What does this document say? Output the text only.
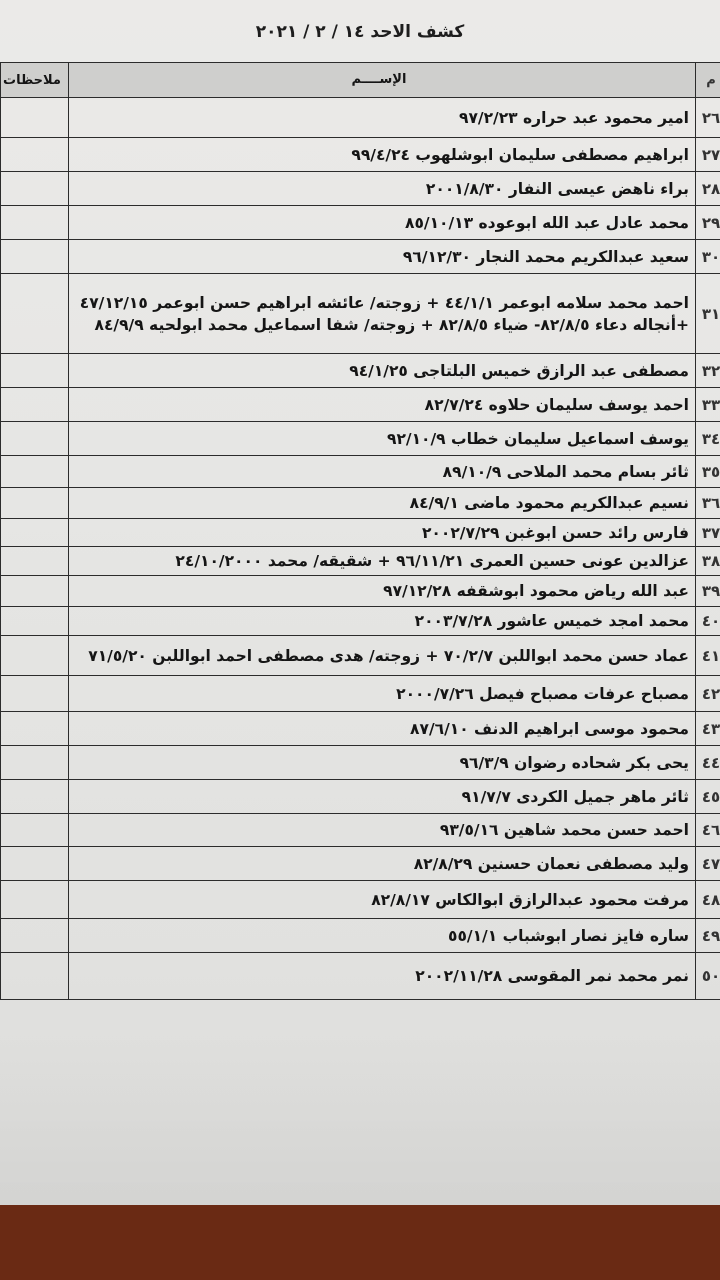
كشف الاحد ١٤ / ٢ / ٢٠٢١
م	الإســــم	ملاحظات
٢٦	امير محمود عبد حراره ٩٧/٢/٢٣	
٢٧	ابراهيم مصطفى سليمان ابوشلهوب ٩٩/٤/٢٤	
٢٨	براء ناهض عيسى النفار ٢٠٠١/٨/٣٠	
٢٩	محمد عادل عبد الله ابوعوده ٨٥/١٠/١٣	
٣٠	سعيد عبدالكريم محمد النجار ٩٦/١٢/٣٠	
٣١	احمد محمد سلامه ابوعمر ٤٤/١/١ + زوجته/ عائشه ابراهيم حسن ابوعمر ٤٧/١٢/١٥ +أنجاله دعاء ٨٢/٨/٥- ضياء ٨٢/٨/٥ + زوجته/ شفا اسماعيل محمد ابولحيه ٨٤/٩/٩	
٣٢	مصطفى عبد الرازق خميس البلتاجى ٩٤/١/٢٥	
٣٣	احمد يوسف سليمان حلاوه ٨٢/٧/٢٤	
٣٤	يوسف اسماعيل سليمان خطاب ٩٢/١٠/٩	
٣٥	ثائر بسام محمد الملاحى ٨٩/١٠/٩	
٣٦	نسيم عبدالكريم محمود ماضى ٨٤/٩/١	
٣٧	فارس رائد حسن ابوغبن ٢٠٠٢/٧/٢٩	
٣٨	عزالدين عونى حسين العمرى ٩٦/١١/٢١ + شقيقه/ محمد ٢٤/١٠/٢٠٠٠	
٣٩	عبد الله رياض محمود ابوشقفه ٩٧/١٢/٢٨	
٤٠	محمد امجد خميس عاشور ٢٠٠٣/٧/٢٨	
٤١	عماد حسن محمد ابواللبن ٧٠/٢/٧ + زوجته/ هدى مصطفى احمد ابواللبن ٧١/٥/٢٠	
٤٢	مصباح عرفات مصباح فيصل ٢٠٠٠/٧/٢٦	
٤٣	محمود موسى ابراهيم الدنف ٨٧/٦/١٠	
٤٤	يحى بكر شحاده رضوان ٩٦/٣/٩	
٤٥	ثائر ماهر جميل الكردى ٩١/٧/٧	
٤٦	احمد حسن محمد شاهين ٩٣/٥/١٦	
٤٧	وليد مصطفى نعمان حسنين ٨٢/٨/٢٩	
٤٨	مرفت محمود عبدالرازق ابوالكاس ٨٢/٨/١٧	
٤٩	ساره فايز نصار ابوشباب ٥٥/١/١	
٥٠	نمر محمد نمر المقوسى ٢٠٠٢/١١/٢٨	
